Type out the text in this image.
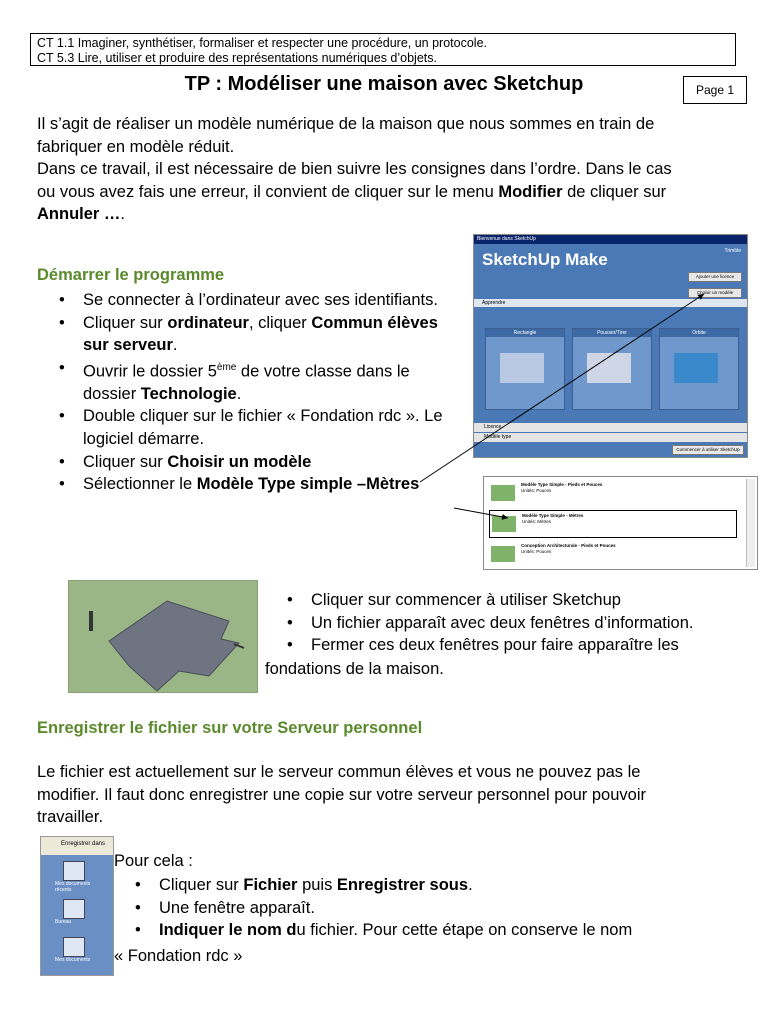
CT 1.1 Imaginer, synthétiser, formaliser et respecter une procédure, un protocole.
CT 5.3 Lire, utiliser et produire des représentations numériques d’objets.
TP : Modéliser une maison avec Sketchup	Page 1
Il s’agit de réaliser un modèle numérique de la maison que nous sommes en train de
fabriquer en modèle réduit.
Dans ce travail, il est nécessaire de bien suivre les consignes dans l’ordre. Dans le cas
ou vous avez fais une erreur, il convient de cliquer sur le menu Modifier de cliquer sur
Annuler ….
Démarrer le programme
• Se connecter à l’ordinateur avec ses identifiants.
• Cliquer sur ordinateur, cliquer Commun élèves sur serveur.
• Ouvrir le dossier 5ème de votre classe dans le dossier Technologie.
• Double cliquer sur le fichier « Fondation rdc ». Le logiciel démarre.
• Cliquer sur Choisir un modèle
• Sélectionner le Modèle Type simple –Mètres
Bienvenue dans SketchUp
SketchUp Make	Trimble
Ajouter une licence
Choisir un modèle
Apprendre
Rectangle	Pousser/Tirer	Orbite
Licence
Modèle type
Commencer à utiliser SketchUp
Modèle Type Simple - Pieds et Pouces
Unités: Pouces
Modèle Type Simple - Mètres
Unités: Mètres
Conception Architecturale - Pieds et Pouces
Unités: Pouces
• Cliquer sur commencer à utiliser Sketchup
• Un fichier apparaît avec deux fenêtres d’information.
• Fermer ces deux fenêtres pour faire apparaître les
fondations de la maison.
Enregistrer le fichier sur votre Serveur personnel
Le fichier est actuellement sur le serveur commun élèves et vous ne pouvez pas le
modifier. Il faut donc enregistrer une copie sur votre serveur personnel pour pouvoir
travailler.
Enregistrer dans
Mes documents récents
Bureau
Mes documents
Pour cela :
• Cliquer sur Fichier puis Enregistrer sous.
• Une fenêtre apparaît.
• Indiquer le nom du fichier. Pour cette étape on conserve le nom
« Fondation rdc »
